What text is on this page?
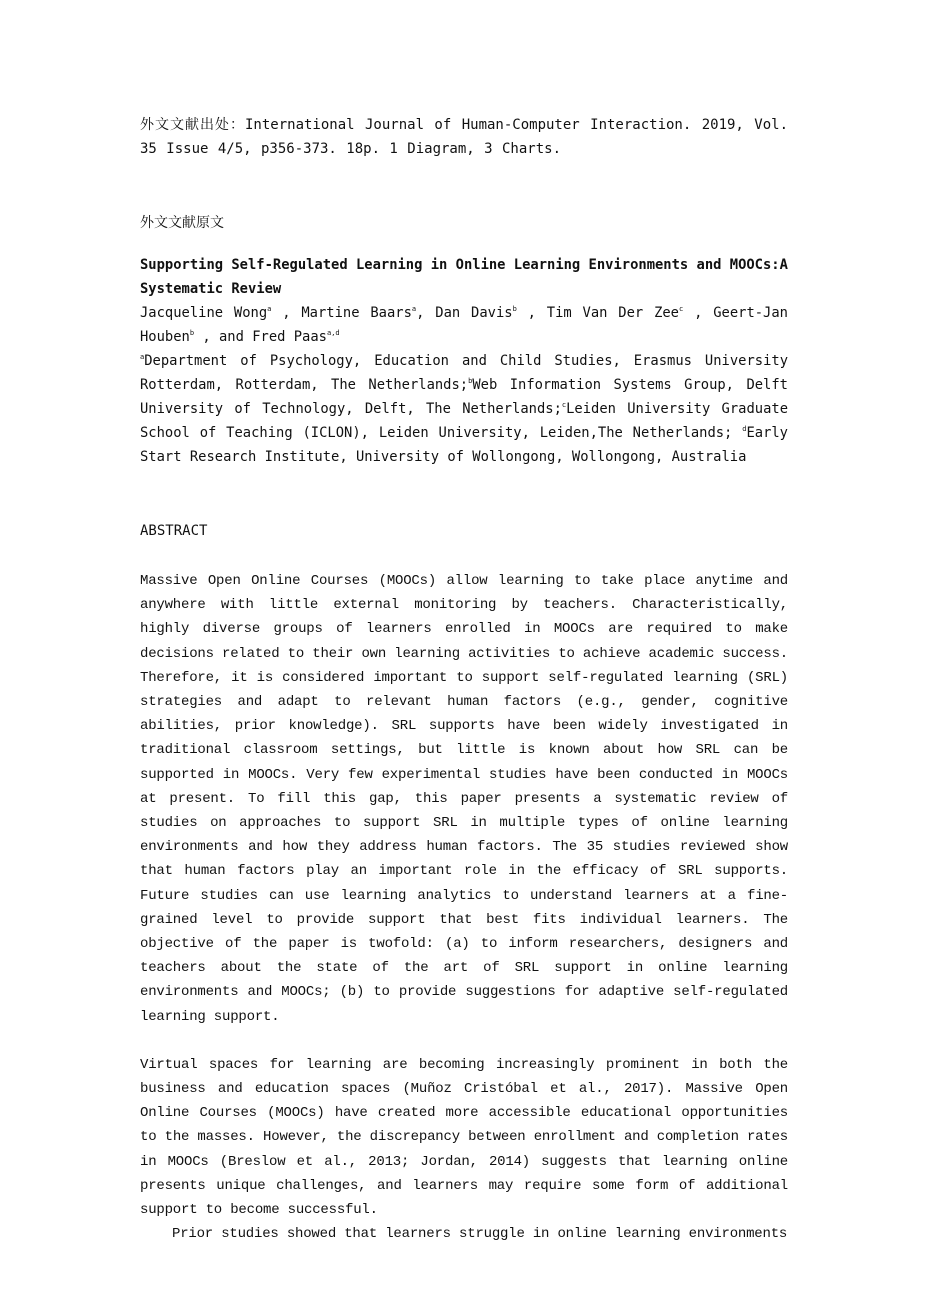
外文文献出处：International Journal of Human-Computer Interaction. 2019, Vol. 35 Issue 4/5, p356-373. 18p. 1 Diagram, 3 Charts.

外文文献原文

Supporting Self-Regulated Learning in Online Learning Environments and MOOCs:A Systematic Review

Jacqueline Wong$^a$ , Martine Baars$^a$, Dan Davis$^b$ , Tim Van Der Zee$^c$ , Geert-Jan Houben$^b$ , and Fred Paas$^{a,d}$

$^a$Department of Psychology, Education and Child Studies, Erasmus University Rotterdam, Rotterdam, The Netherlands;$^b$Web Information Systems Group, Delft University of Technology, Delft, The Netherlands;$^c$Leiden University Graduate School of Teaching (ICLON), Leiden University, Leiden,The Netherlands; $^d$Early Start Research Institute, University of Wollongong, Wollongong, Australia

ABSTRACT

Massive Open Online Courses (MOOCs) allow learning to take place anytime and anywhere with little external monitoring by teachers. Characteristically, highly diverse groups of learners enrolled in MOOCs are required to make decisions related to their own learning activities to achieve academic success. Therefore, it is considered important to support self-regulated learning (SRL) strategies and adapt to relevant human factors (e.g., gender, cognitive abilities, prior knowledge). SRL supports have been widely investigated in traditional classroom settings, but little is known about how SRL can be supported in MOOCs. Very few experimental studies have been conducted in MOOCs at present. To fill this gap, this paper presents a systematic review of studies on approaches to support SRL in multiple types of online learning environments and how they address human factors. The 35 studies reviewed show that human factors play an important role in the efficacy of SRL supports. Future studies can use learning analytics to understand learners at a fine-grained level to provide support that best fits individual learners. The objective of the paper is twofold: (a) to inform researchers, designers and teachers about the state of the art of SRL support in online learning environments and MOOCs; (b) to provide suggestions for adaptive self-regulated learning support.

Virtual spaces for learning are becoming increasingly prominent in both the business and education spaces (Muñoz Cristóbal et al., 2017). Massive Open Online Courses (MOOCs) have created more accessible educational opportunities to the masses. However, the discrepancy between enrollment and completion rates in MOOCs (Breslow et al., 2013; Jordan, 2014) suggests that learning online presents unique challenges, and learners may require some form of additional support to become successful.

Prior studies showed that learners struggle in online learning environments
